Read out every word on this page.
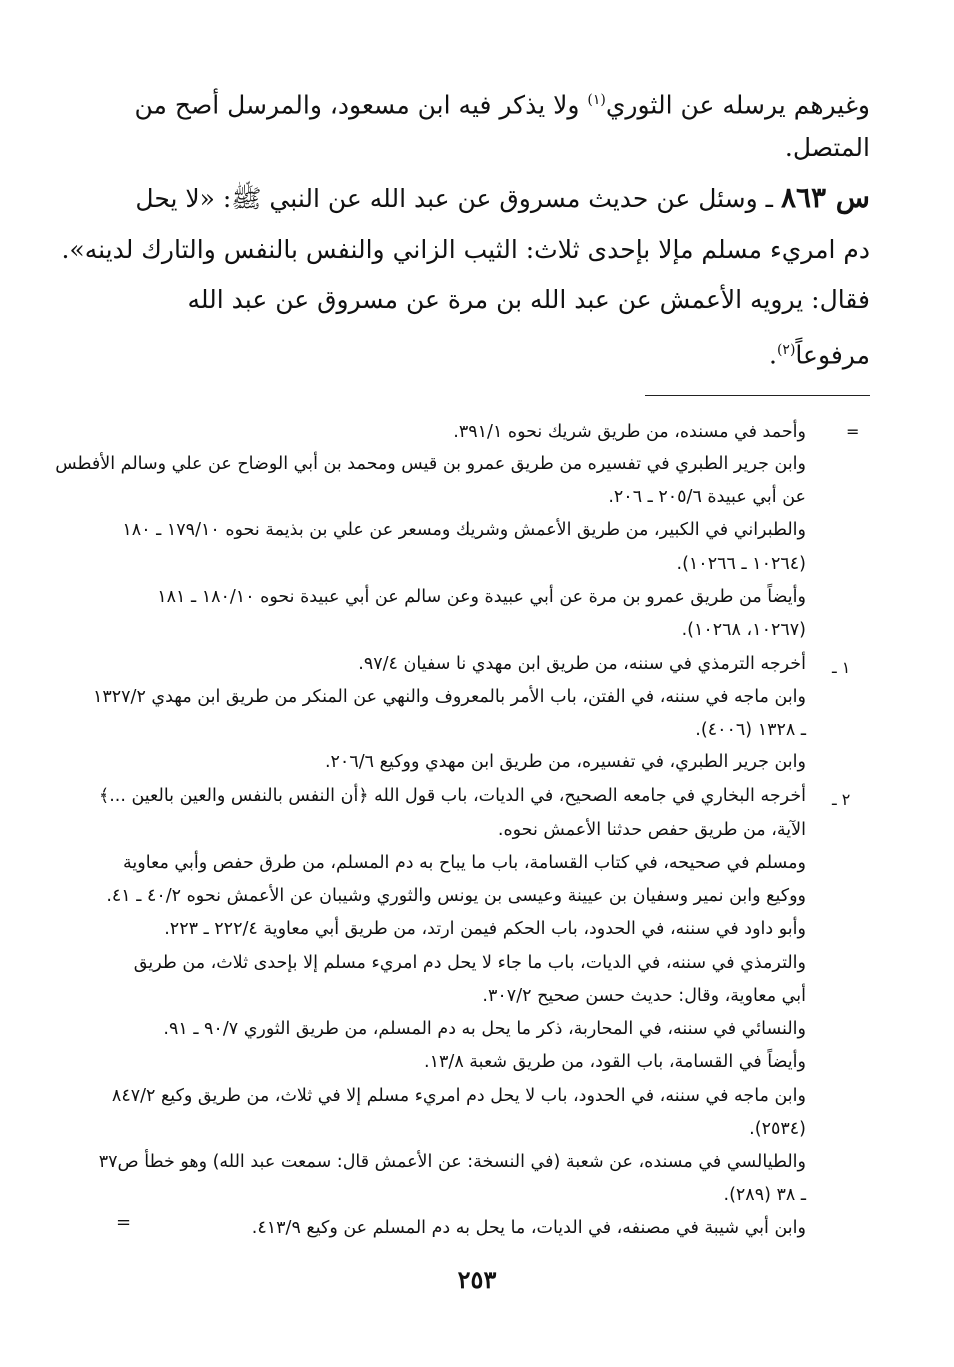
وغيرهم يرسله عن الثوري$^{(١)}$ ولا يذكر فيه ابن مسعود، والمرسل أصح من
المتصل.
س ٨٦٣ ـ وسئل عن حديث مسروق عن عبد الله عن النبي ﷺ: «لا يحل
دم امريء مسلم مإلا بإحدى ثلاث: الثيب الزاني والنفس بالنفس والتارك لدينه».
فقال: يرويه الأعمش عن عبد الله بن مرة عن مسروق عن عبد الله
مرفوعاً$^{(٢)}$.
=
١ ـ
٢ ـ
وأحمد في مسنده، من طريق شريك نحوه ٣٩١/١.
وابن جرير الطبري في تفسيره من طريق عمرو بن قيس ومحمد بن أبي الوضاح عن علي وسالم الأفطس
عن أبي عبيدة ٢٠٥/٦ ـ ٢٠٦.
والطبراني في الكبير، من طريق الأعمش وشريك ومسعر عن علي بن بذيمة نحوه ١٧٩/١٠ ـ ١٨٠
(١٠٢٦٤ ـ ١٠٢٦٦).
وأيضاً من طريق عمرو بن مرة عن أبي عبيدة وعن سالم عن أبي عبيدة نحوه ١٨٠/١٠ ـ ١٨١
(١٠٢٦٧، ١٠٢٦٨).
أخرجه الترمذي في سننه، من طريق ابن مهدي نا سفيان ٩٧/٤.
وابن ماجه في سننه، في الفتن، باب الأمر بالمعروف والنهي عن المنكر من طريق ابن مهدي ١٣٢٧/٢
ـ ١٣٢٨ (٤٠٠٦).
وابن جرير الطبري، في تفسيره، من طريق ابن مهدي ووكيع ٢٠٦/٦.
أخرجه البخاري في جامعه الصحيح، في الديات، باب قول الله ﴿أن النفس بالنفس والعين بالعين ...﴾
الآية، من طريق حفص حدثنا الأعمش نحوه.
ومسلم في صحيحه، في كتاب القسامة، باب ما يباح به دم المسلم، من طرق حفص وأبي معاوية
ووكيع وابن نمير وسفيان بن عيينة وعيسى بن يونس والثوري وشيبان عن الأعمش نحوه ٤٠/٢ ـ ٤١.
وأبو داود في سننه، في الحدود، باب الحكم فيمن ارتد، من طريق أبي معاوية ٢٢٢/٤ ـ ٢٢٣.
والترمذي في سننه، في الديات، باب ما جاء لا يحل دم امريء مسلم إلا بإحدى ثلاث، من طريق
أبي معاوية، وقال: حديث حسن صحيح ٣٠٧/٢.
والنسائي في سننه، في المحاربة، ذكر ما يحل به دم المسلم، من طريق الثوري ٩٠/٧ ـ ٩١.
وأيضاً في القسامة، باب القود، من طريق شعبة ١٣/٨.
وابن ماجه في سننه، في الحدود، باب لا يحل دم امريء مسلم إلا في ثلاث، من طريق وكيع ٨٤٧/٢
(٢٥٣٤).
والطيالسي في مسنده، عن شعبة (في النسخة: عن الأعمش قال: سمعت عبد الله) وهو خطأ ص٣٧
ـ ٣٨ (٢٨٩).
وابن أبي شيبة في مصنفه، في الديات، ما يحل به دم المسلم عن وكيع ٤١٣/٩.
=
٢٥٣
